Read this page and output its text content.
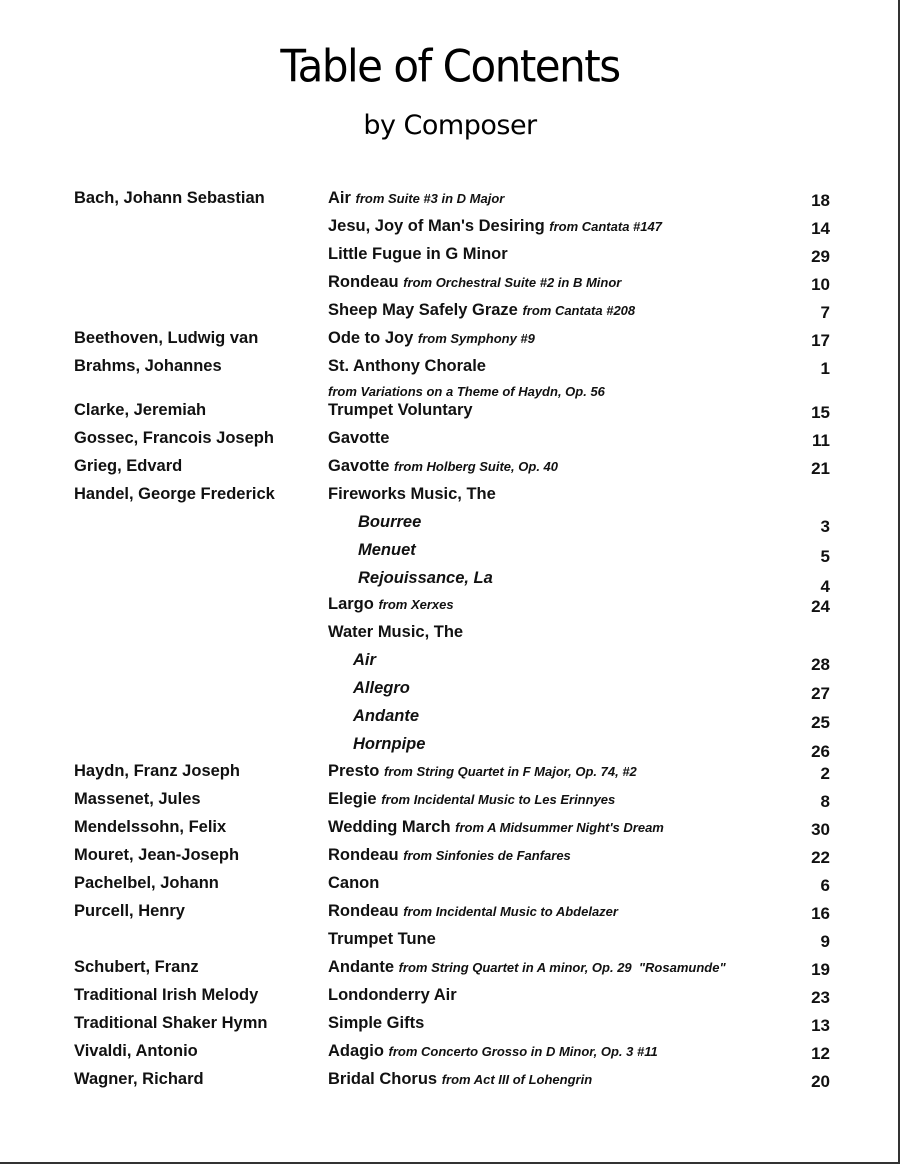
Table of Contents
by Composer
Bach, Johann Sebastian	Air from Suite #3 in D Major	18
Jesu, Joy of Man's Desiring from Cantata #147	14
Little Fugue in G Minor	29
Rondeau from Orchestral Suite #2 in B Minor	10
Sheep May Safely Graze from Cantata #208	7
Beethoven, Ludwig van	Ode to Joy from Symphony #9	17
Brahms, Johannes	St. Anthony Chorale	1
from Variations on a Theme of Haydn, Op. 56
Clarke, Jeremiah	Trumpet Voluntary	15
Gossec, Francois Joseph	Gavotte	11
Grieg, Edvard	Gavotte from Holberg Suite, Op. 40	21
Handel, George Frederick	Fireworks Music, The
Bourree	3
Menuet	5
Rejouissance, La	4
Largo from Xerxes	24
Water Music, The
Air	28
Allegro	27
Andante	25
Hornpipe	26
Haydn, Franz Joseph	Presto from String Quartet in F Major, Op. 74, #2	2
Massenet, Jules	Elegie from Incidental Music to Les Erinnyes	8
Mendelssohn, Felix	Wedding March from A Midsummer Night's Dream	30
Mouret, Jean-Joseph	Rondeau from Sinfonies de Fanfares	22
Pachelbel, Johann	Canon	6
Purcell, Henry	Rondeau from Incidental Music to Abdelazer	16
Trumpet Tune	9
Schubert, Franz	Andante from String Quartet in A minor, Op. 29  "Rosamunde"	19
Traditional Irish Melody	Londonderry Air	23
Traditional Shaker Hymn	Simple Gifts	13
Vivaldi, Antonio	Adagio from Concerto Grosso in D Minor, Op. 3 #11	12
Wagner, Richard	Bridal Chorus from Act III of Lohengrin	20
